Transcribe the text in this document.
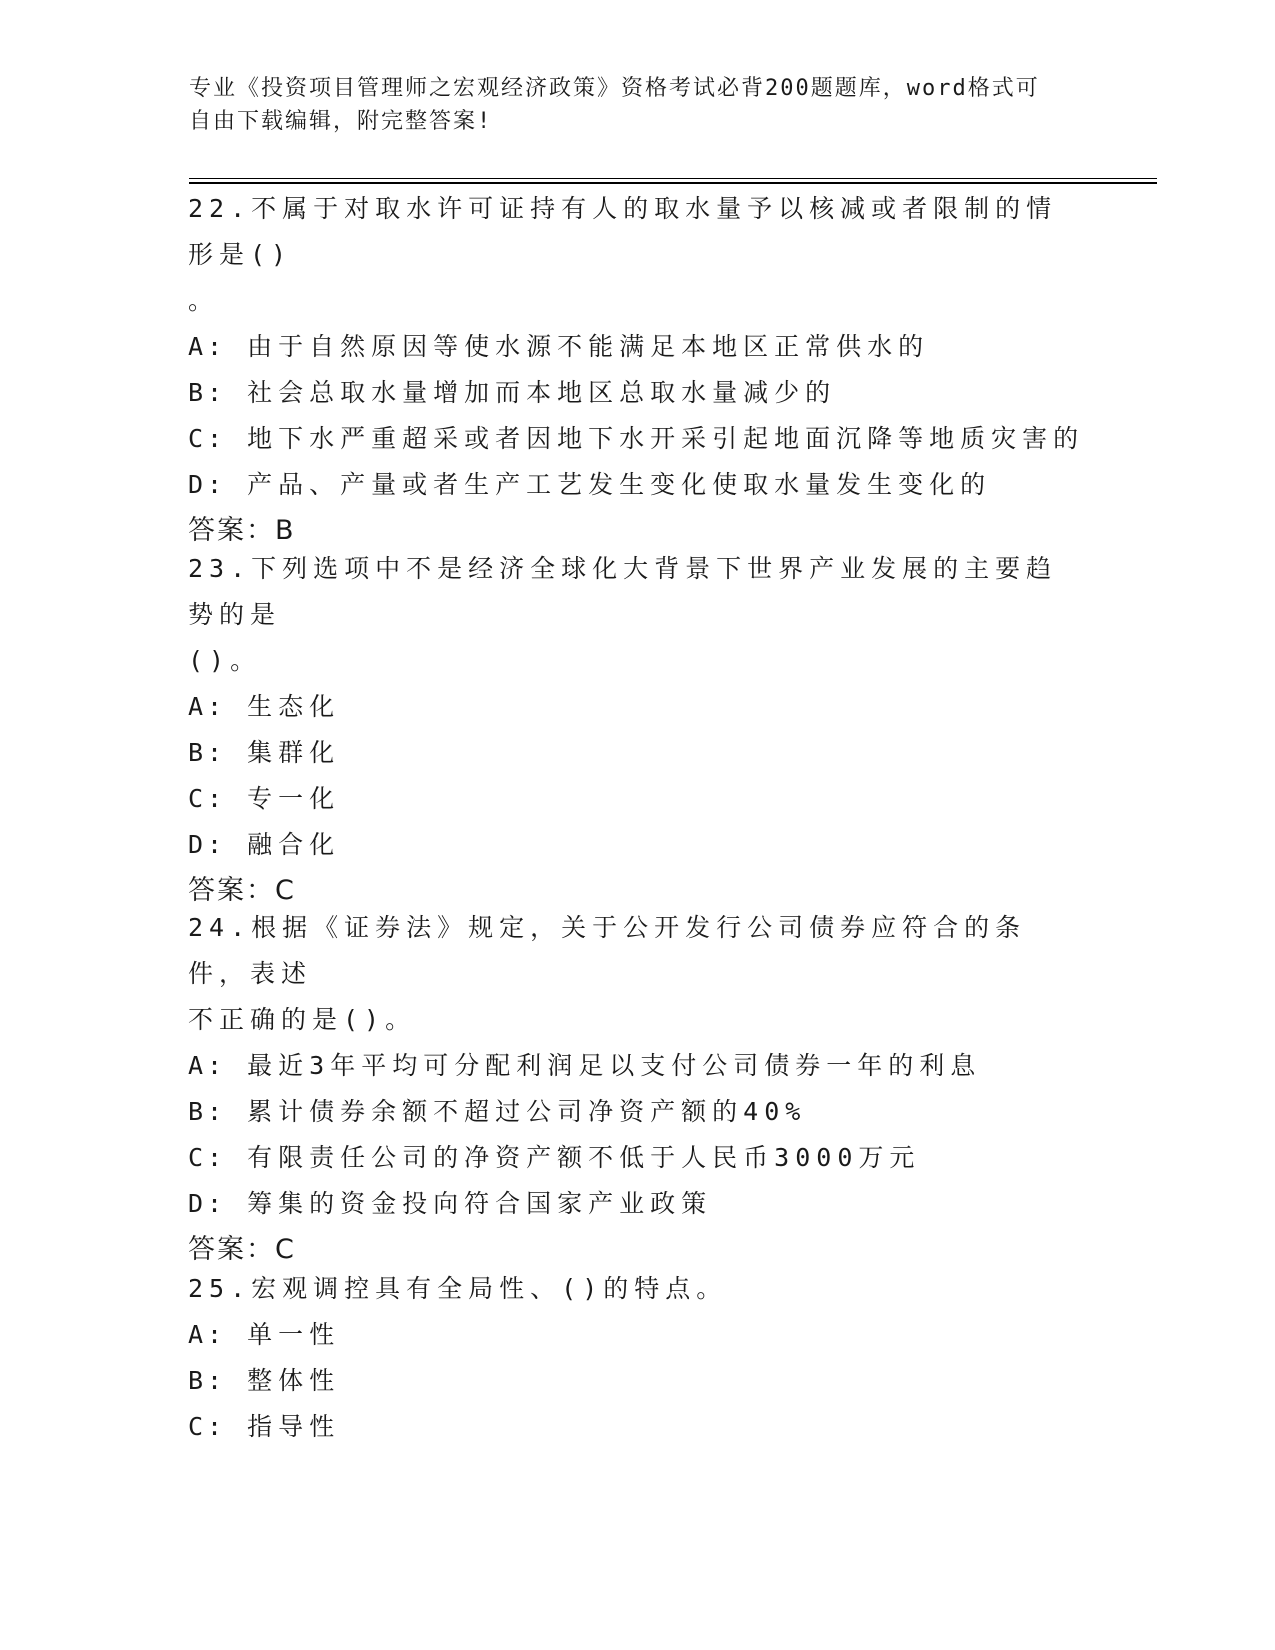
专业《投资项目管理师之宏观经济政策》资格考试必背200题题库，word格式可
自由下载编辑，附完整答案!
22.不属于对取水许可证持有人的取水量予以核减或者限制的情形是()
。
A: 由于自然原因等使水源不能满足本地区正常供水的
B: 社会总取水量增加而本地区总取水量减少的
C: 地下水严重超采或者因地下水开采引起地面沉降等地质灾害的
D: 产品、产量或者生产工艺发生变化使取水量发生变化的
答案：B
23.下列选项中不是经济全球化大背景下世界产业发展的主要趋势的是
()。
A: 生态化
B: 集群化
C: 专一化
D: 融合化
答案：C
24.根据《证券法》规定，关于公开发行公司债券应符合的条件，表述
不正确的是()。
A: 最近3年平均可分配利润足以支付公司债券一年的利息
B: 累计债券余额不超过公司净资产额的40%
C: 有限责任公司的净资产额不低于人民币3000万元
D: 筹集的资金投向符合国家产业政策
答案：C
25.宏观调控具有全局性、()的特点。
A: 单一性
B: 整体性
C: 指导性
